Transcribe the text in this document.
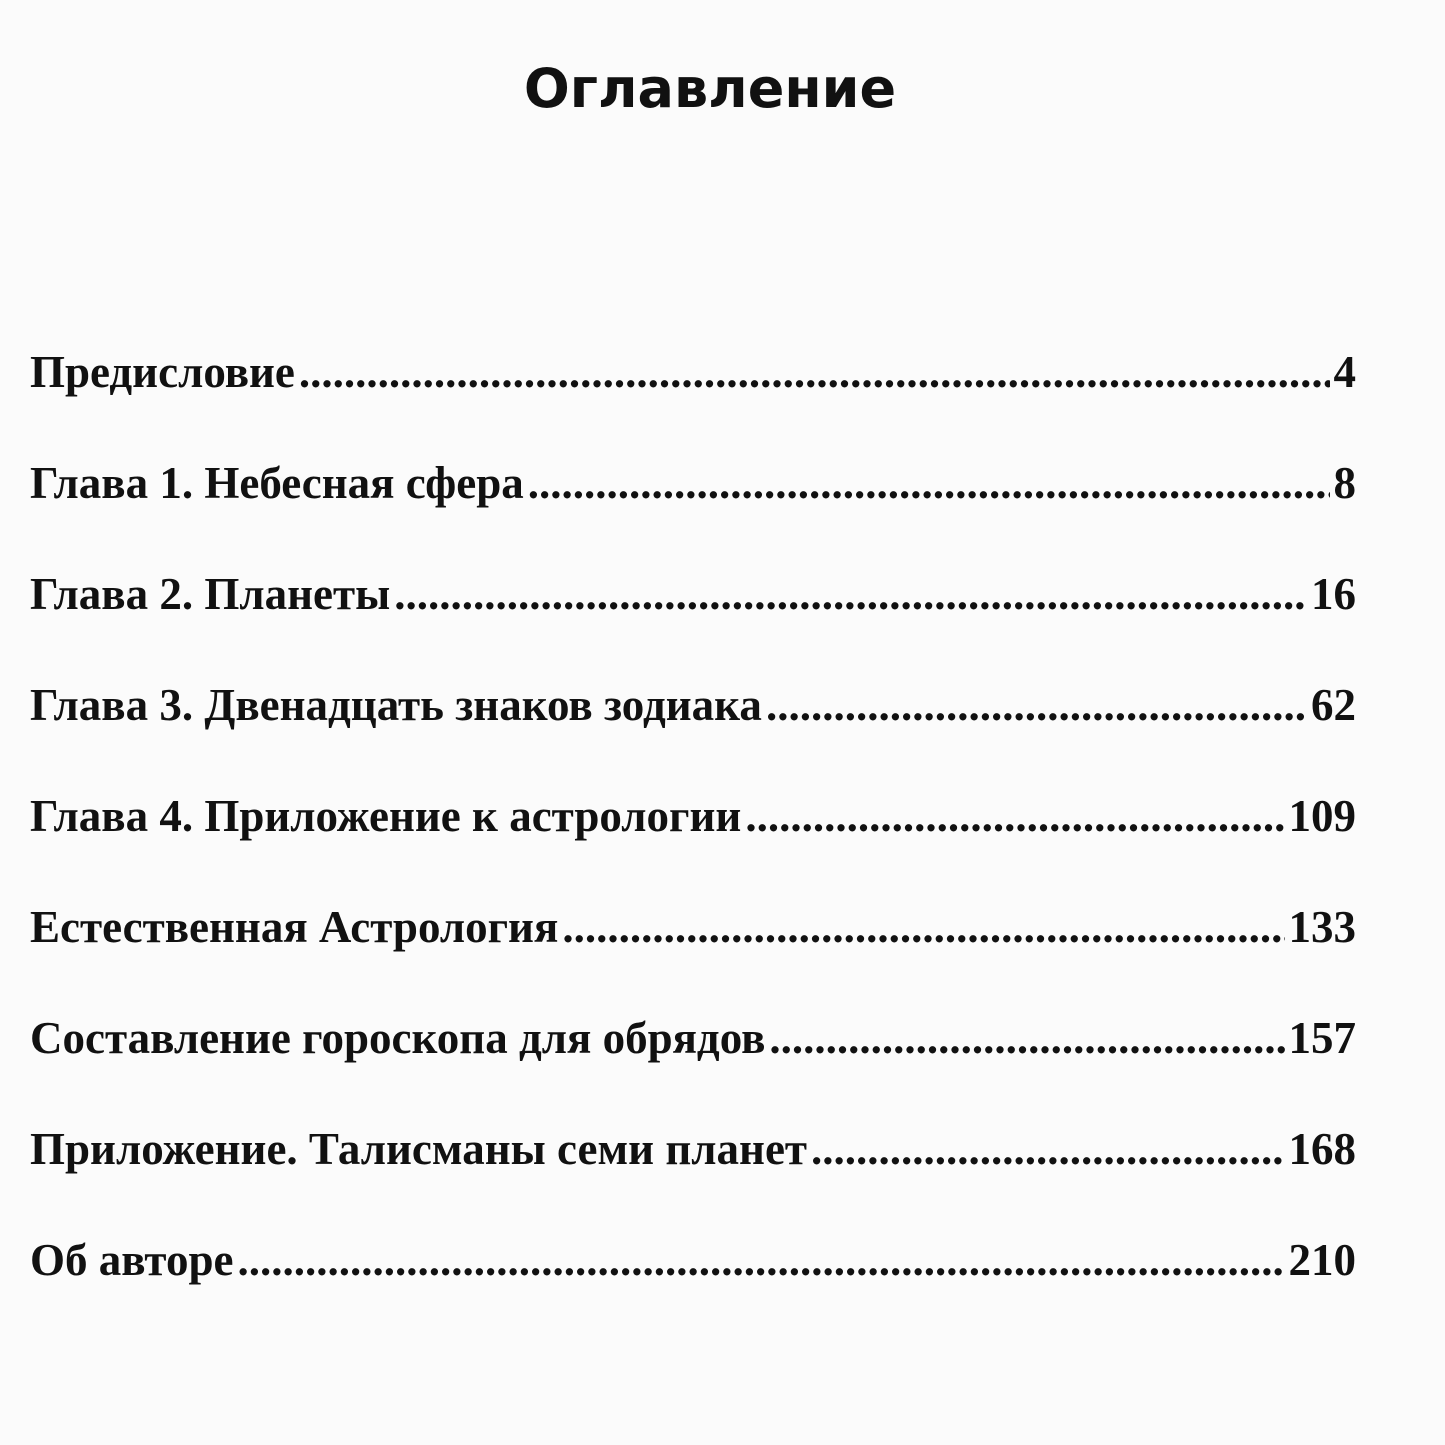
Оглавление
Предисловие .....	4
Глава 1. Небесная сфера .....	8
Глава 2. Планеты .....	16
Глава 3. Двенадцать знаков зодиака .....	62
Глава 4. Приложение к астрологии .....	109
Естественная Астрология .....	133
Составление гороскопа для обрядов .....	157
Приложение. Талисманы семи планет .....	168
Об авторе .....	210
